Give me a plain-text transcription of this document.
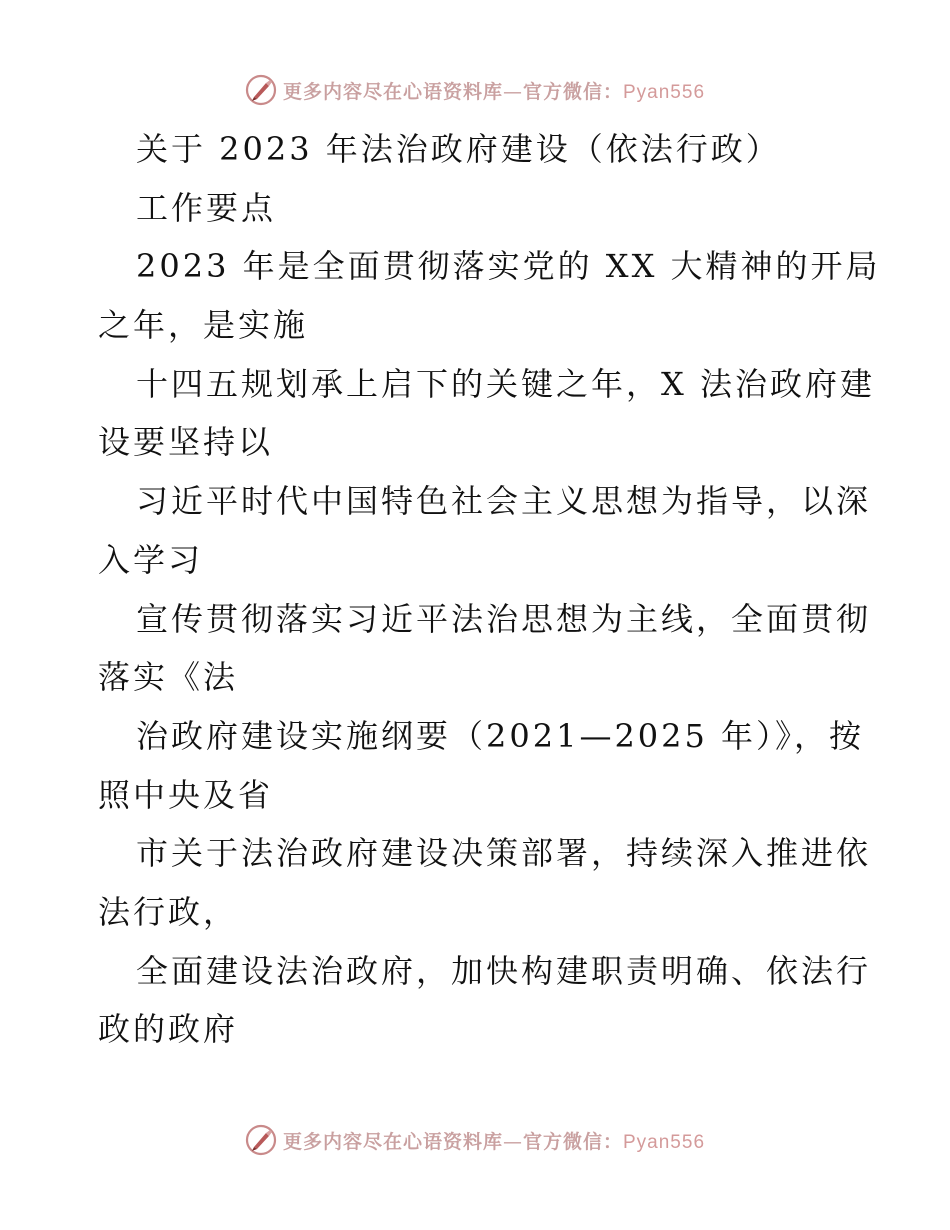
更多内容尽在心语资料库—官方微信：Pyan556

关于 2023 年法治政府建设（依法行政）

工作要点

2023 年是全面贯彻落实党的 XX 大精神的开局

之年，是实施

十四五规划承上启下的关键之年，X 法治政府建

设要坚持以

习近平时代中国特色社会主义思想为指导，以深

入学习

宣传贯彻落实习近平法治思想为主线，全面贯彻

落实《法

治政府建设实施纲要（2021—2025 年）》，按

照中央及省

市关于法治政府建设决策部署，持续深入推进依

法行政，

全面建设法治政府，加快构建职责明确、依法行

政的政府

更多内容尽在心语资料库—官方微信：Pyan556
